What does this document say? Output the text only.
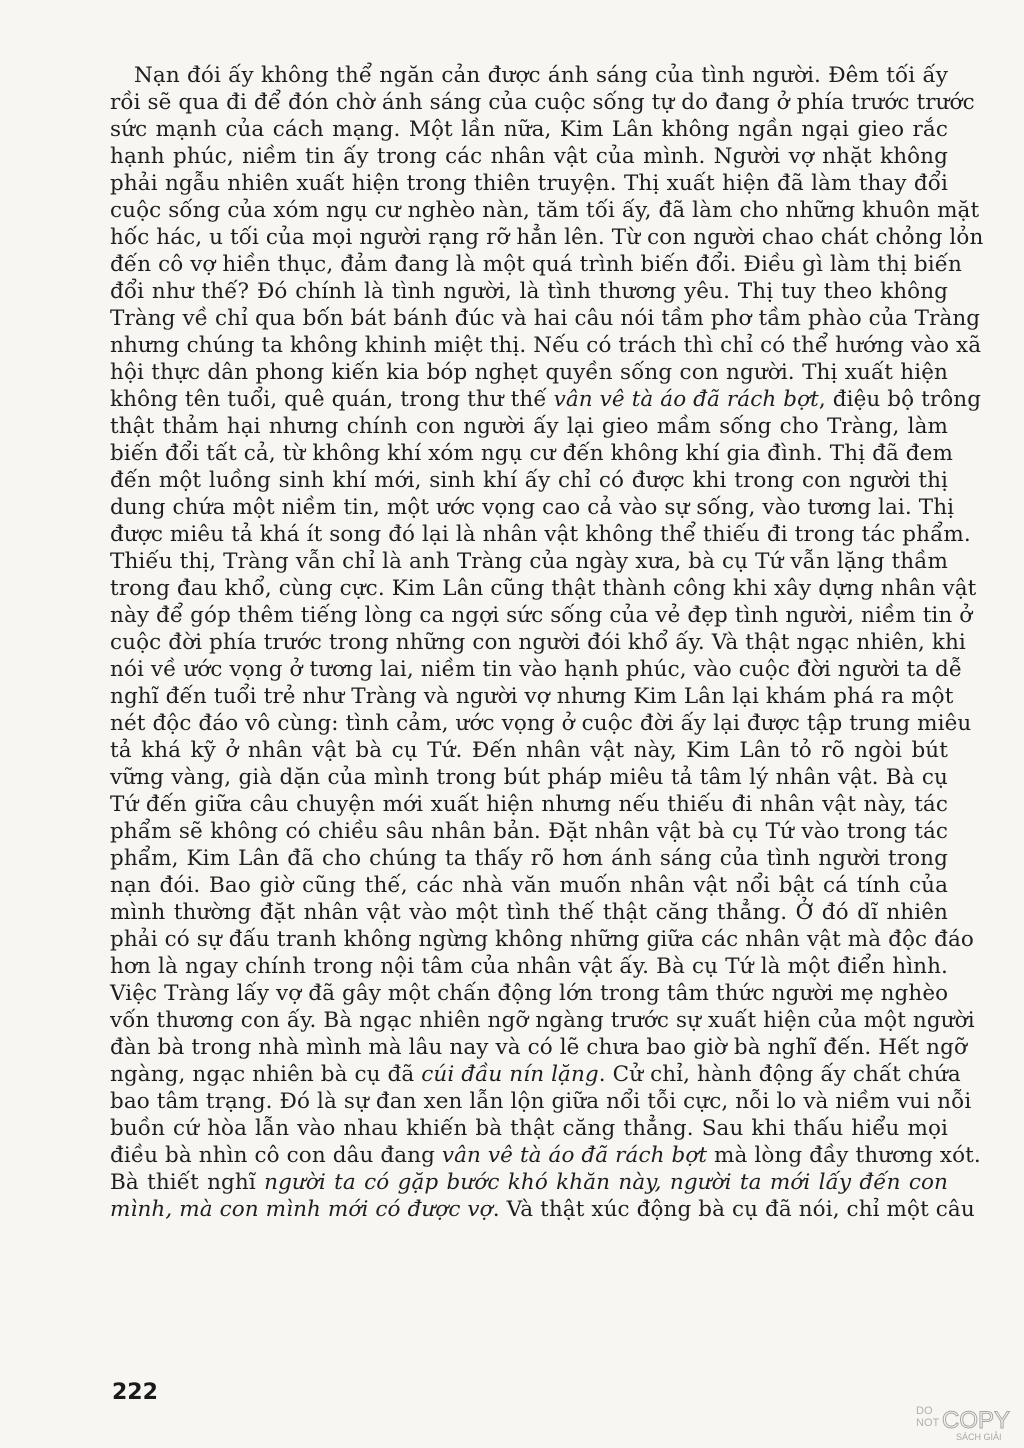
Nạn đói ấy không thể ngăn cản được ánh sáng của tình người. Đêm tối ấy
rồi sẽ qua đi để đón chờ ánh sáng của cuộc sống tự do đang ở phía trước trước
sức mạnh của cách mạng. Một lần nữa, Kim Lân không ngần ngại gieo rắc
hạnh phúc, niềm tin ấy trong các nhân vật của mình. Người vợ nhặt không
phải ngẫu nhiên xuất hiện trong thiên truyện. Thị xuất hiện đã làm thay đổi
cuộc sống của xóm ngụ cư nghèo nàn, tăm tối ấy, đã làm cho những khuôn mặt
hốc hác, u tối của mọi người rạng rỡ hẳn lên. Từ con người chao chát chỏng lỏn
đến cô vợ hiền thục, đảm đang là một quá trình biến đổi. Điều gì làm thị biến
đổi như thế? Đó chính là tình người, là tình thương yêu. Thị tuy theo không
Tràng về chỉ qua bốn bát bánh đúc và hai câu nói tầm phơ tầm phào của Tràng
nhưng chúng ta không khinh miệt thị. Nếu có trách thì chỉ có thể hướng vào xã
hội thực dân phong kiến kia bóp nghẹt quyền sống con người. Thị xuất hiện
không tên tuổi, quê quán, trong thư thế vân vê tà áo đã rách bợt, điệu bộ trông
thật thảm hại nhưng chính con người ấy lại gieo mầm sống cho Tràng, làm
biến đổi tất cả, từ không khí xóm ngụ cư đến không khí gia đình. Thị đã đem
đến một luồng sinh khí mới, sinh khí ấy chỉ có được khi trong con người thị
dung chứa một niềm tin, một ước vọng cao cả vào sự sống, vào tương lai. Thị
được miêu tả khá ít song đó lại là nhân vật không thể thiếu đi trong tác phẩm.
Thiếu thị, Tràng vẫn chỉ là anh Tràng của ngày xưa, bà cụ Tứ vẫn lặng thầm
trong đau khổ, cùng cực. Kim Lân cũng thật thành công khi xây dựng nhân vật
này để góp thêm tiếng lòng ca ngợi sức sống của vẻ đẹp tình người, niềm tin ở
cuộc đời phía trước trong những con người đói khổ ấy. Và thật ngạc nhiên, khi
nói về ước vọng ở tương lai, niềm tin vào hạnh phúc, vào cuộc đời người ta dễ
nghĩ đến tuổi trẻ như Tràng và người vợ nhưng Kim Lân lại khám phá ra một
nét độc đáo vô cùng: tình cảm, ước vọng ở cuộc đời ấy lại được tập trung miêu
tả khá kỹ ở nhân vật bà cụ Tứ. Đến nhân vật này, Kim Lân tỏ rõ ngòi bút
vững vàng, già dặn của mình trong bút pháp miêu tả tâm lý nhân vật. Bà cụ
Tứ đến giữa câu chuyện mới xuất hiện nhưng nếu thiếu đi nhân vật này, tác
phẩm sẽ không có chiều sâu nhân bản. Đặt nhân vật bà cụ Tứ vào trong tác
phẩm, Kim Lân đã cho chúng ta thấy rõ hơn ánh sáng của tình người trong
nạn đói. Bao giờ cũng thế, các nhà văn muốn nhân vật nổi bật cá tính của
mình thường đặt nhân vật vào một tình thế thật căng thẳng. Ở đó dĩ nhiên
phải có sự đấu tranh không ngừng không những giữa các nhân vật mà độc đáo
hơn là ngay chính trong nội tâm của nhân vật ấy. Bà cụ Tứ là một điển hình.
Việc Tràng lấy vợ đã gây một chấn động lớn trong tâm thức người mẹ nghèo
vốn thương con ấy. Bà ngạc nhiên ngỡ ngàng trước sự xuất hiện của một người
đàn bà trong nhà mình mà lâu nay và có lẽ chưa bao giờ bà nghĩ đến. Hết ngỡ
ngàng, ngạc nhiên bà cụ đã cúi đầu nín lặng. Cử chỉ, hành động ấy chất chứa
bao tâm trạng. Đó là sự đan xen lẫn lộn giữa nổi tỗi cực, nỗi lo và niềm vui nỗi
buồn cứ hòa lẫn vào nhau khiến bà thật căng thẳng. Sau khi thấu hiểu mọi
điều bà nhìn cô con dâu đang vân vê tà áo đã rách bợt mà lòng đầy thương xót.
Bà thiết nghĩ người ta có gặp bước khó khăn này, người ta mới lấy đến con
mình, mà con mình mới có được vợ. Và thật xúc động bà cụ đã nói, chỉ một câu
222
DO
NOT COPY
SÁCH GIẢI
